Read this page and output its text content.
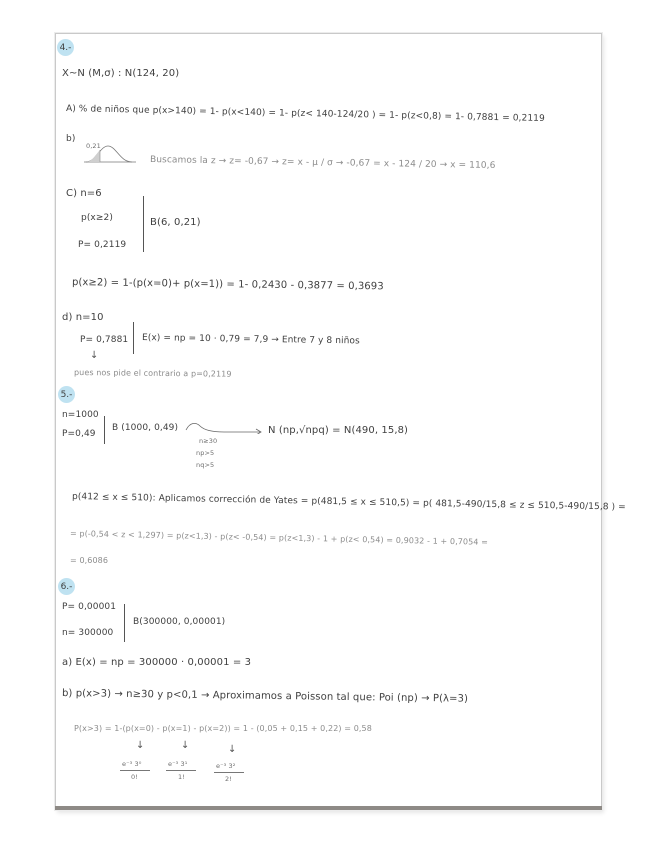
4.-
X~N (M,σ) : N(124, 20)
A) % de niños que p(x>140) = 1- p(x<140) = 1- p(z< 140-124/20 ) = 1- p(z<0,8) = 1- 0,7881 = 0,2119
b)
0,21
Buscamos la z → z= -0,67 → z= x - μ / σ → -0,67 = x - 124 / 20 → x = 110,6
C) n=6
p(x≥2)
P= 0,2119
B(6, 0,21)
p(x≥2) = 1-(p(x=0)+ p(x=1)) = 1- 0,2430 - 0,3877 = 0,3693
d) n=10
P= 0,7881 E(x) = np = 10 · 0,79 = 7,9 → Entre 7 y 8 niños
↓
pues nos pide el contrario a p=0,2119
5.-
n=1000
P=0,49
B (1000, 0,49)	N (np,√npq) = N(490, 15,8)
n≥30
np>5
nq>5
p(412 ≤ x ≤ 510): Aplicamos corrección de Yates = p(481,5 ≤ x ≤ 510,5) = p( 481,5-490/15,8 ≤ z ≤ 510,5-490/15,8 ) =
= p(-0,54 < z < 1,297) = p(z<1,3) - p(z< -0,54) = p(z<1,3) - 1 + p(z< 0,54) = 0,9032 - 1 + 0,7054 =
= 0,6086
6.-
P= 0,00001
n= 300000
B(300000, 0,00001)
a) E(x) = np = 300000 · 0,00001 = 3
b) p(x>3) → n≥30 y p<0,1 → Aproximamos a Poisson tal que: Poi (np) → P(λ=3)
P(x>3) = 1-(p(x=0) - p(x=1) - p(x=2)) = 1 - (0,05 + 0,15 + 0,22) = 0,58
↓	↓	↓
e⁻³ 3⁰
0!
e⁻³ 3¹
1!
e⁻³ 3²
2!
